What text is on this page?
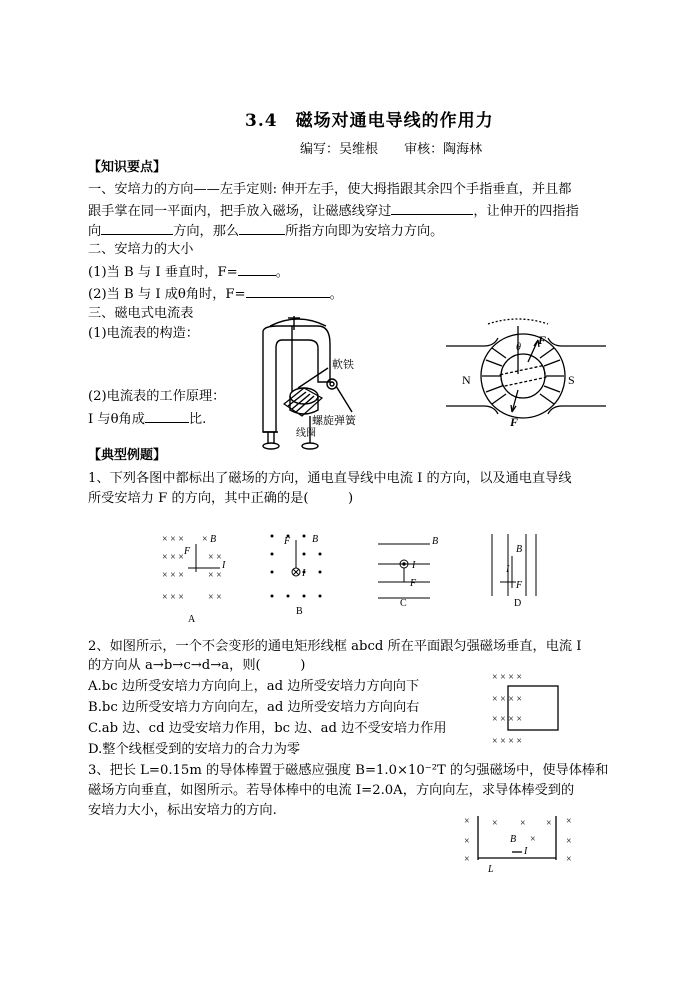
3.4　磁场对通电导线的作用力
编写：吴维根 审核：陶海林
【知识要点】
一、安培力的方向——左手定则: 伸开左手，使大拇指跟其余四个手指垂直，并且都
跟手掌在同一平面内，把手放入磁场，让磁感线穿过	，让伸开的四指指
向	方向，那么	所指方向即为安培力方向。
二、安培力的大小
(1)当 B 与 I 垂直时，F=	。
(2)当 B 与 I 成θ角时，F=	。
三、磁电式电流表
(1)电流表的构造：
(2)电流表的工作原理：
I 与θ角成	比.
軟铁
螺旋弹簧
线圈
N	S
F
F
θ
【典型例题】
1、下列各图中都标出了磁场的方向，通电直导线中电流 I 的方向，以及通电直导线
所受安培力 F 的方向，其中正确的是(　　　)
× × ×
× × ×
× × ×
× × ×
×
× ×
× ×
× ×
B
F
I
A
B
F
I
B
B
I
F
C
B
I
F
D
2、如图所示，一个不会变形的通电矩形线框 abcd 所在平面跟匀强磁场垂直，电流 I
的方向从 a→b→c→d→a，则(　　　)
A.bc 边所受安培力方向向上，ad 边所受安培力方向向下
B.bc 边所受安培力方向向左，ad 边所受安培力方向向右
C.ab 边、cd 边受安培力作用，bc 边、ad 边不受安培力作用
D.整个线框受到的安培力的合力为零
× × × ×
× × × ×
× × × ×
× × × ×
3、把长 L=0.15m 的导体棒置于磁感应强度 B=1.0×10⁻²T 的匀强磁场中，使导体棒和
磁场方向垂直，如图所示。若导体棒中的电流 I=2.0A，方向向左，求导体棒受到的
安培力大小，标出安培力的方向.
×
×
×
×
×
×
× × ×
×
B
I
L
